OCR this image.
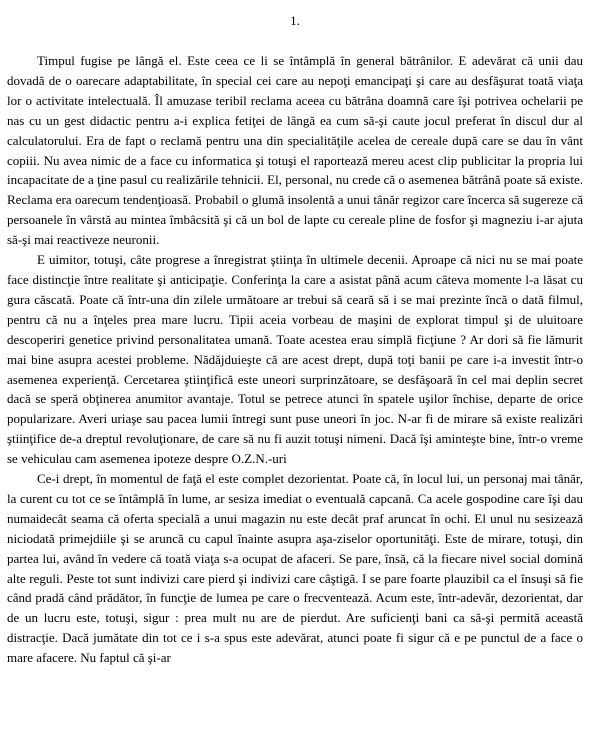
1.

Timpul fugise pe lângă el. Este ceea ce li se întâmplă în general bătrânilor. E adevărat că unii dau dovadă de o oarecare adaptabilitate, în special cei care au nepoţi emancipaţi şi care au desfăşurat toată viaţa lor o activitate intelectuală. Îl amuzase teribil reclama aceea cu bătrâna doamnă care îşi potrivea ochelarii pe nas cu un gest didactic pentru a-i explica fetiţei de lângă ea cum să-şi caute jocul preferat în discul dur al calculatorului. Era de fapt o reclamă pentru una din specialităţile acelea de cereale după care se dau în vânt copiii. Nu avea nimic de a face cu informatica şi totuşi el raportează mereu acest clip publicitar la propria lui incapacitate de a ţine pasul cu realizările tehnicii. El, personal, nu crede că o asemenea bătrână poate să existe. Reclama era oarecum tendenţioasă. Probabil o glumă insolentă a unui tânăr regizor care încerca să sugereze că persoanele în vârstă au mintea îmbâcsită şi că un bol de lapte cu cereale pline de fosfor şi magneziu i-ar ajuta să-şi mai reactiveze neuronii.

E uimitor, totuşi, câte progrese a înregistrat ştiinţa în ultimele decenii. Aproape că nici nu se mai poate face distincţie între realitate şi anticipaţie. Conferinţa la care a asistat până acum câteva momente l-a lăsat cu gura căscată. Poate că într-una din zilele următoare ar trebui să ceară să i se mai prezinte încă o dată filmul, pentru că nu a înţeles prea mare lucru. Tipii aceia vorbeau de maşini de explorat timpul şi de uluitoare descoperiri genetice privind personalitatea umană. Toate acestea erau simplă ficţiune ? Ar dori să fie lămurit mai bine asupra acestei probleme. Nădăjduieşte că are acest drept, după toţi banii pe care i-a investit într-o asemenea experienţă. Cercetarea ştiinţifică este uneori surprinzătoare, se desfăşoară în cel mai deplin secret dacă se speră obţinerea anumitor avantaje. Totul se petrece atunci în spatele uşilor închise, departe de orice popularizare. Averi uriaşe sau pacea lumii întregi sunt puse uneori în joc. N-ar fi de mirare să existe realizări ştiinţifice de-a dreptul revoluţionare, de care să nu fi auzit totuşi nimeni. Dacă îşi aminteşte bine, într-o vreme se vehiculau cam asemenea ipoteze despre O.Z.N.-uri

Ce-i drept, în momentul de faţă el este complet dezorientat. Poate că, în locul lui, un personaj mai tânăr, la curent cu tot ce se întâmplă în lume, ar sesiza imediat o eventuală capcană. Ca acele gospodine care îşi dau numaidecât seama că oferta specială a unui magazin nu este decât praf aruncat în ochi. El unul nu sesizează niciodată primejdiile şi se aruncă cu capul înainte asupra aşa-ziselor oportunităţi. Este de mirare, totuşi, din partea lui, având în vedere că toată viaţa s-a ocupat de afaceri. Se pare, însă, că la fiecare nivel social domină alte reguli. Peste tot sunt indivizi care pierd şi indivizi care câştigă. I se pare foarte plauzibil ca el însuşi să fie când pradă când prădător, în funcţie de lumea pe care o frecventează. Acum este, într-adevăr, dezorientat, dar de un lucru este, totuşi, sigur : prea mult nu are de pierdut. Are suficienţi bani ca să-şi permită această distracţie. Dacă jumătate din tot ce i s-a spus este adevărat, atunci poate fi sigur că e pe punctul de a face o mare afacere. Nu faptul că şi-ar
